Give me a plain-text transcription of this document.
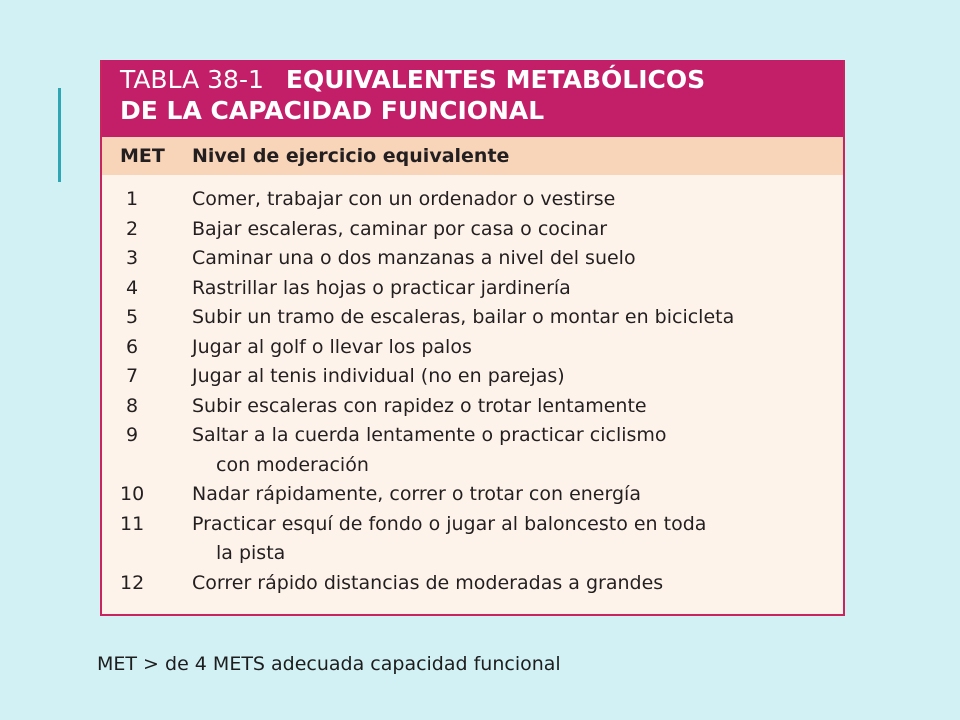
TABLA 38-1 EQUIVALENTES METABÓLICOS
DE LA CAPACIDAD FUNCIONAL
MET	Nivel de ejercicio equivalente
1	Comer, trabajar con un ordenador o vestirse
2	Bajar escaleras, caminar por casa o cocinar
3	Caminar una o dos manzanas a nivel del suelo
4	Rastrillar las hojas o practicar jardinería
5	Subir un tramo de escaleras, bailar o montar en bicicleta
6	Jugar al golf o llevar los palos
7	Jugar al tenis individual (no en parejas)
8	Subir escaleras con rapidez o trotar lentamente
9	Saltar a la cuerda lentamente o practicar ciclismo
con moderación
10	Nadar rápidamente, correr o trotar con energía
11	Practicar esquí de fondo o jugar al baloncesto en toda
la pista
12	Correr rápido distancias de moderadas a grandes
MET > de 4 METS adecuada capacidad funcional
